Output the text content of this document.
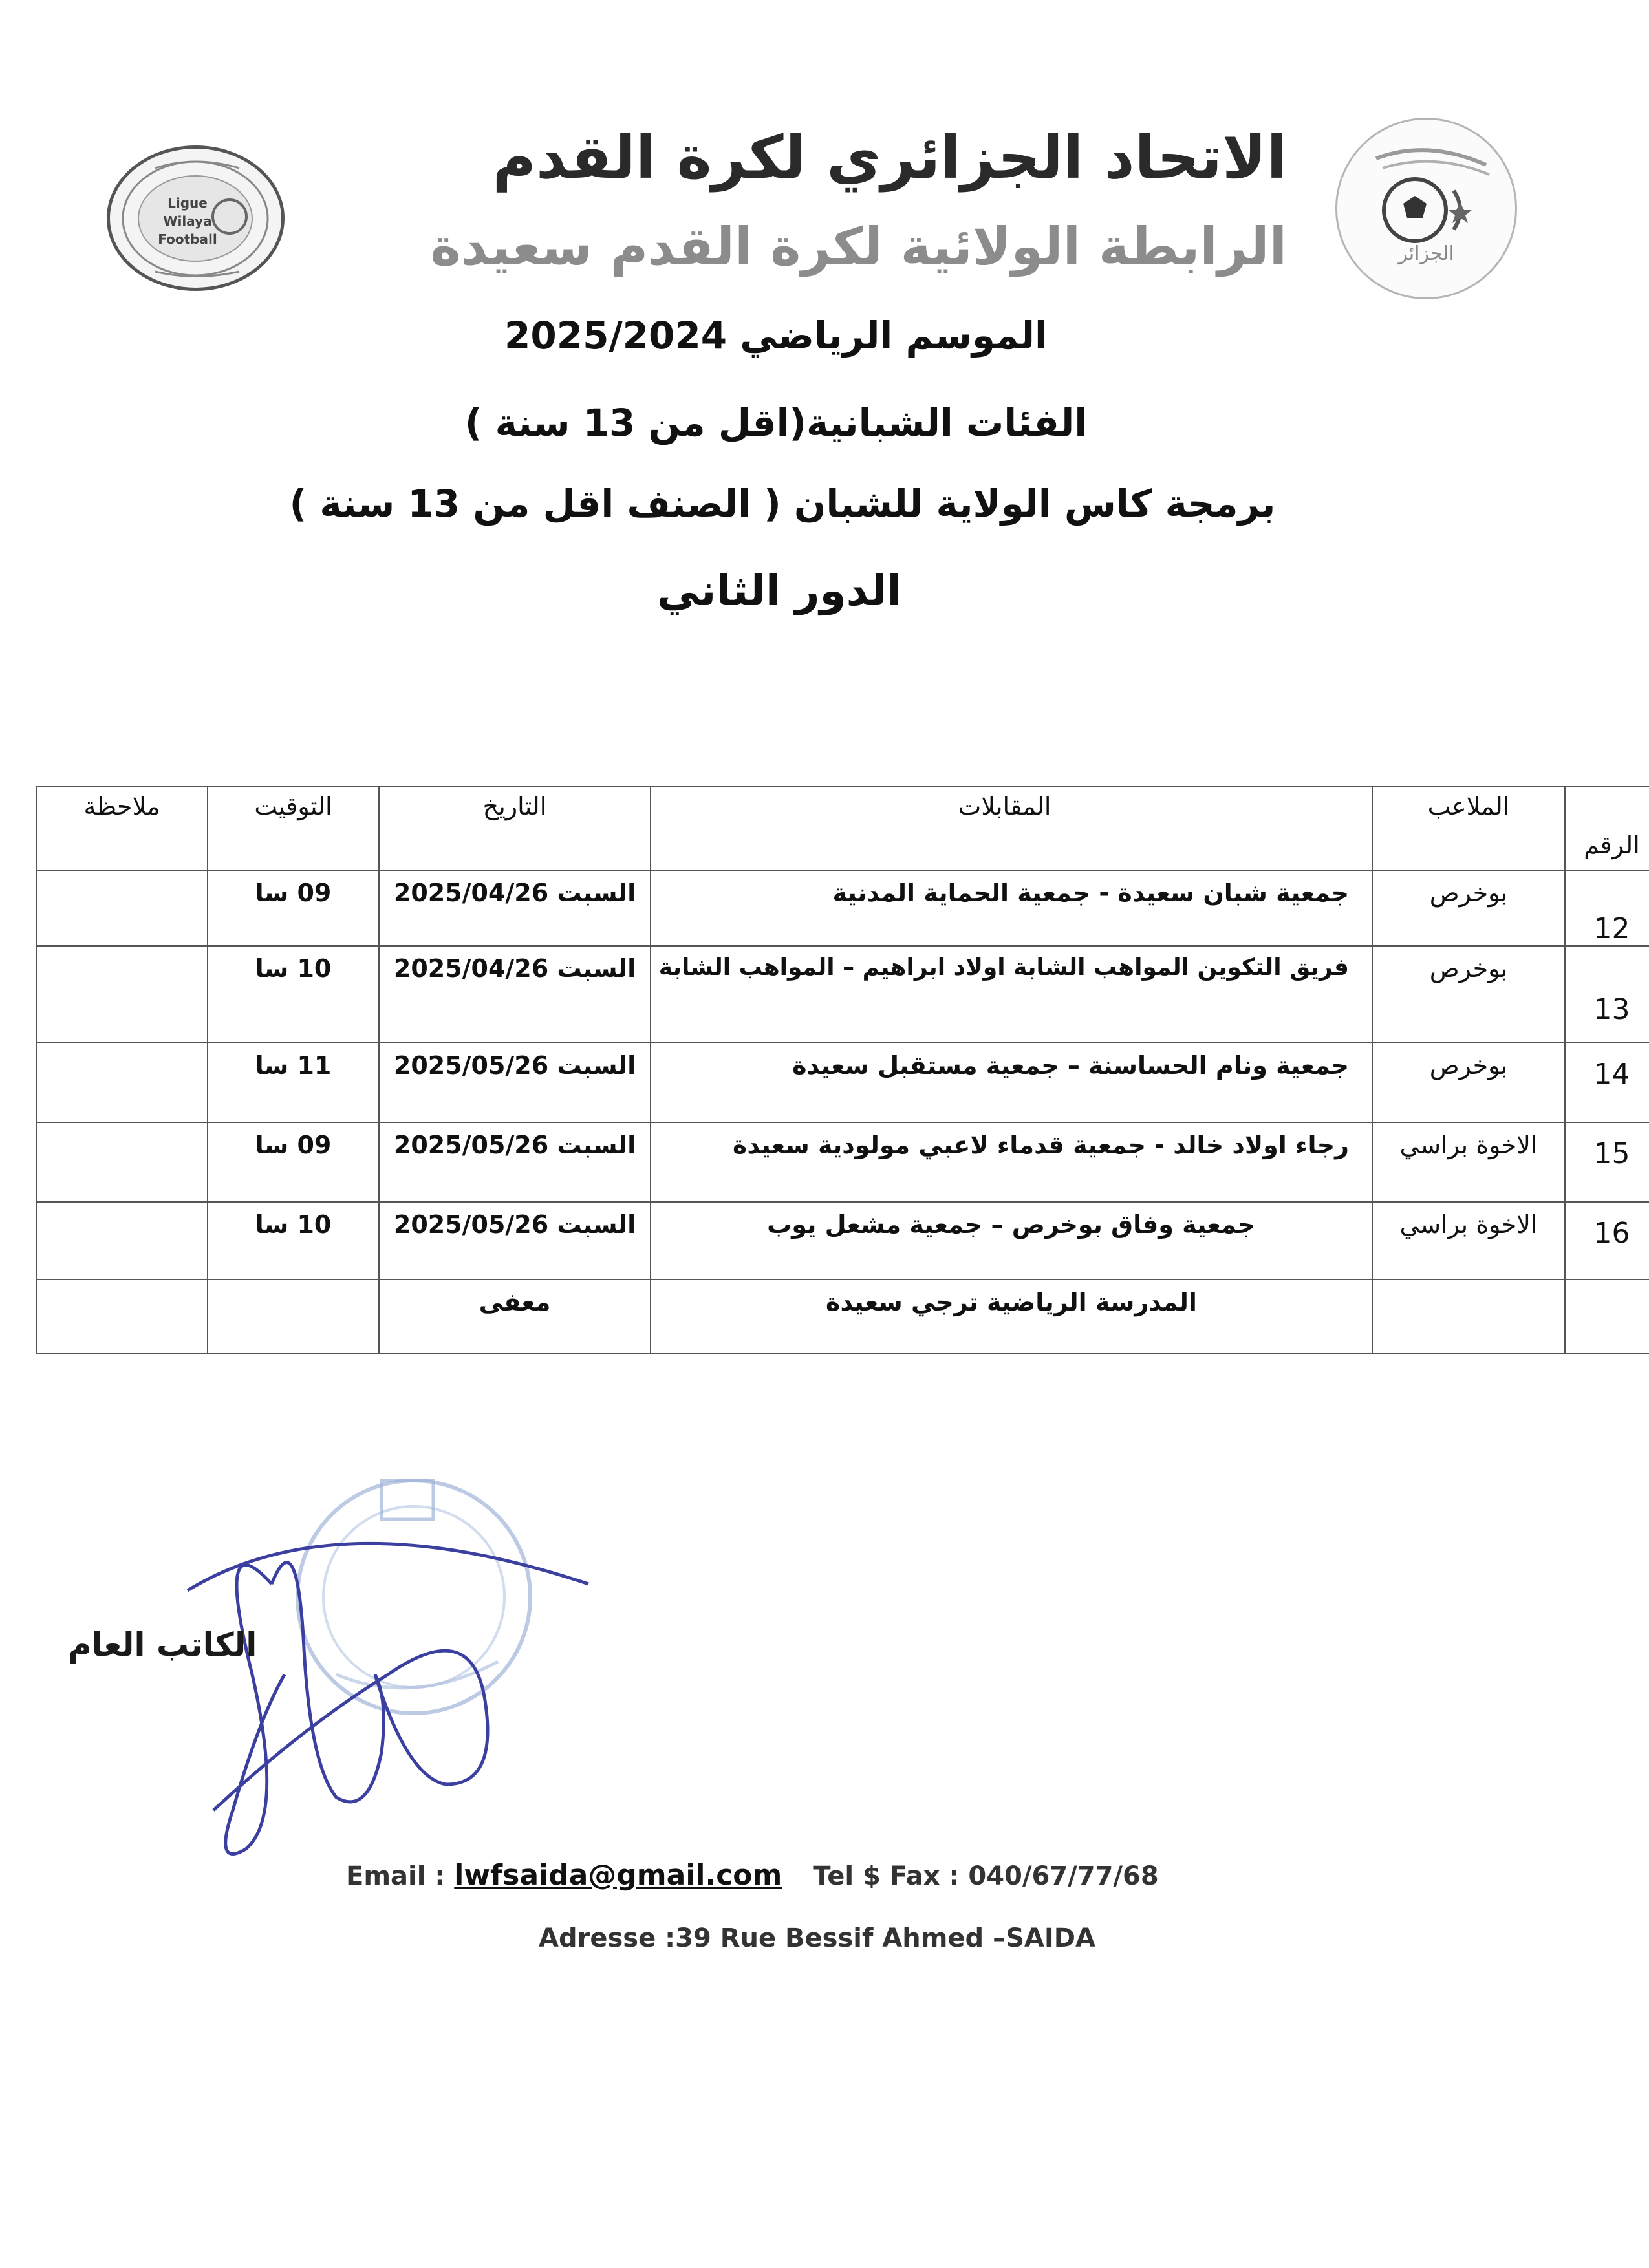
الاتحاد الجزائري لكرة القدم
الرابطة الولائية لكرة القدم سعيدة	الجزائر
Ligue Wilaya Football
الموسم الرياضي 2025/2024
الفئات الشبانية(اقل من 13 سنة )
برمجة كاس الولاية للشبان ( الصنف اقل من 13 سنة )
الدور الثاني
الرقم	الملاعب	المقابلات	التاريخ	التوقيت	ملاحظة
12	بوخرص	جمعية شبان سعيدة - جمعية الحماية المدنية	السبت 2025/04/26	09 سا	
13	بوخرص	فريق التكوين المواهب الشابة اولاد ابراهيم – المواهب الشابة	السبت 2025/04/26	10 سا	
14	بوخرص	جمعية ونام الحساسنة – جمعية مستقبل سعيدة	السبت 2025/05/26	11 سا	
15	الاخوة براسي	رجاء اولاد خالد - جمعية قدماء لاعبي مولودية سعيدة	السبت 2025/05/26	09 سا	
16	الاخوة براسي	جمعية وفاق بوخرص – جمعية مشعل يوب	السبت 2025/05/26	10 سا	
		المدرسة الرياضية ترجي سعيدة	معفى		
الكاتب العام
Email : lwfsaida@gmail.com Tel $ Fax : 040/67/77/68
Adresse :39 Rue Bessif Ahmed –SAIDA
